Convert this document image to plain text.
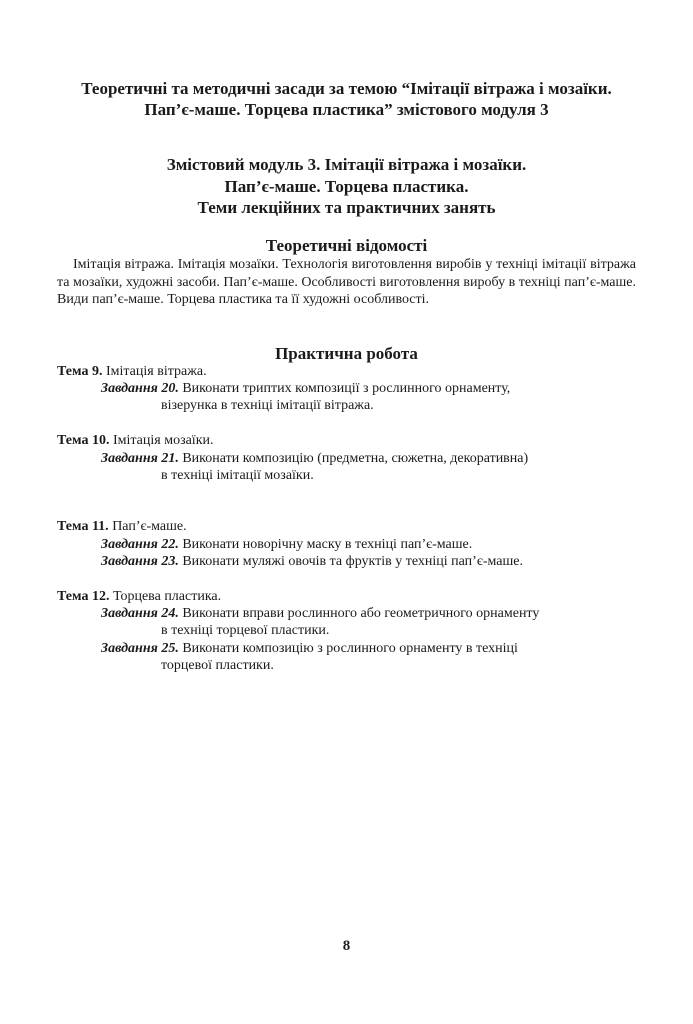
Теоретичні та методичні засади за темою “Імітації вітража і мозаїки.
Пап’є-маше. Торцева пластика” змістового модуля 3
Змістовий модуль 3. Імітації вітража і мозаїки.
Пап’є-маше. Торцева пластика.
Теми лекційних та практичних занять
Теоретичні відомості
Імітація вітража. Імітація мозаїки. Технологія виготовлення виробів у техніці імітації вітража та мозаїки, художні засоби. Пап’є-маше. Особливості виготовлення виробу в техніці пап’є-маше. Види пап’є-маше. Торцева пластика та її художні особливості.
Практична робота
Тема 9. Імітація вітража.
Завдання 20. Виконати триптих композиції з рослинного орнаменту,
візерунка в техніці імітації вітража.
Тема 10. Імітація мозаїки.
Завдання 21. Виконати композицію (предметна, сюжетна, декоративна)
в техніці імітації мозаїки.
Тема 11. Пап’є-маше.
Завдання 22. Виконати новорічну маску в техніці пап’є-маше.
Завдання 23. Виконати муляжі овочів та фруктів у техніці пап’є-маше.
Тема 12. Торцева пластика.
Завдання 24. Виконати вправи рослинного або геометричного орнаменту
в техніці торцевої пластики.
Завдання 25. Виконати композицію з рослинного орнаменту в техніці
торцевої пластики.
8
